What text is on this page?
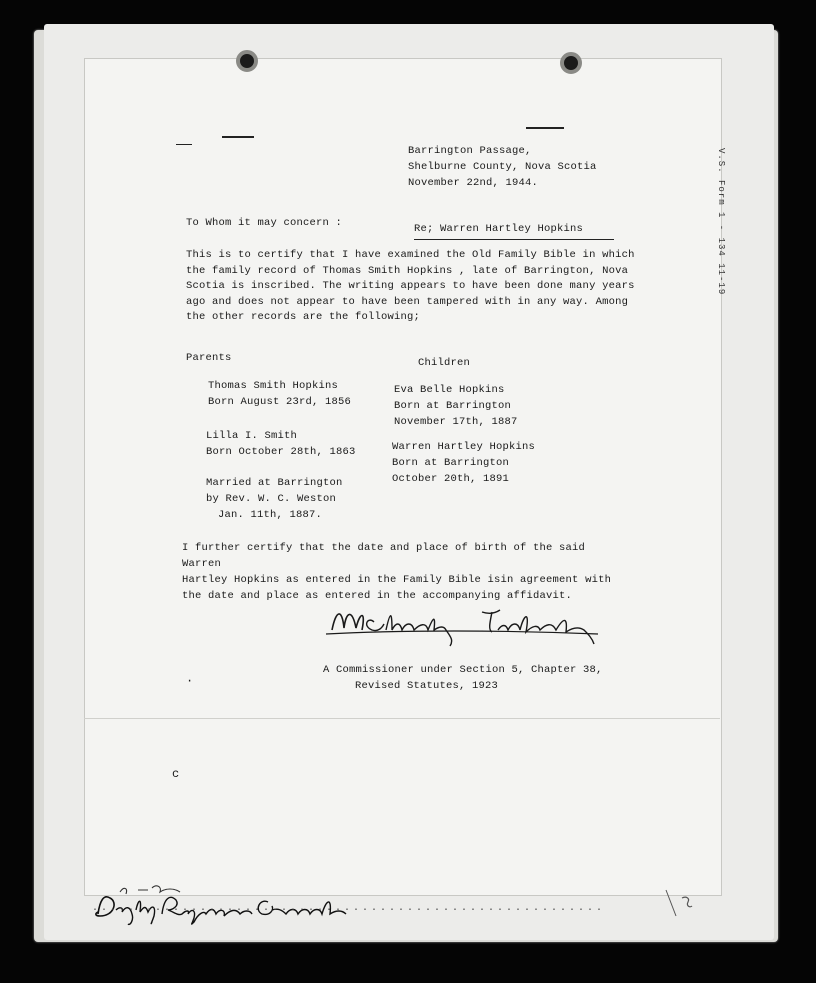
V.S. Form 1 - 134 11-19
Barrington Passage,
Shelburne County, Nova Scotia
November 22nd, 1944.
To Whom it may concern :	Re; Warren Hartley Hopkins
This is to certify that I have examined the Old Family Bible in which
the family record of Thomas Smith Hopkins , late of Barrington, Nova
Scotia is inscribed. The writing appears to have been done many years
ago and does not appear to have been tampered with in any way. Among
the other records are the following;
Parents	Children
Thomas Smith Hopkins
Born August 23rd, 1856
Lilla I. Smith
Born October 28th, 1863
Married at Barrington
by Rev. W. C. Weston
Jan. 11th, 1887.
Eva Belle Hopkins
Born at Barrington
November 17th, 1887
Warren Hartley Hopkins
Born at Barrington
October 20th, 1891
I further certify that the date and place of birth of the said Warren
Hartley Hopkins as entered in the Family Bible isin agreement with
the date and place as entered in the accompanying affidavit.
A Commissioner under Section 5, Chapter 38,
Revised Statutes, 1923
·
c
.........................................................
